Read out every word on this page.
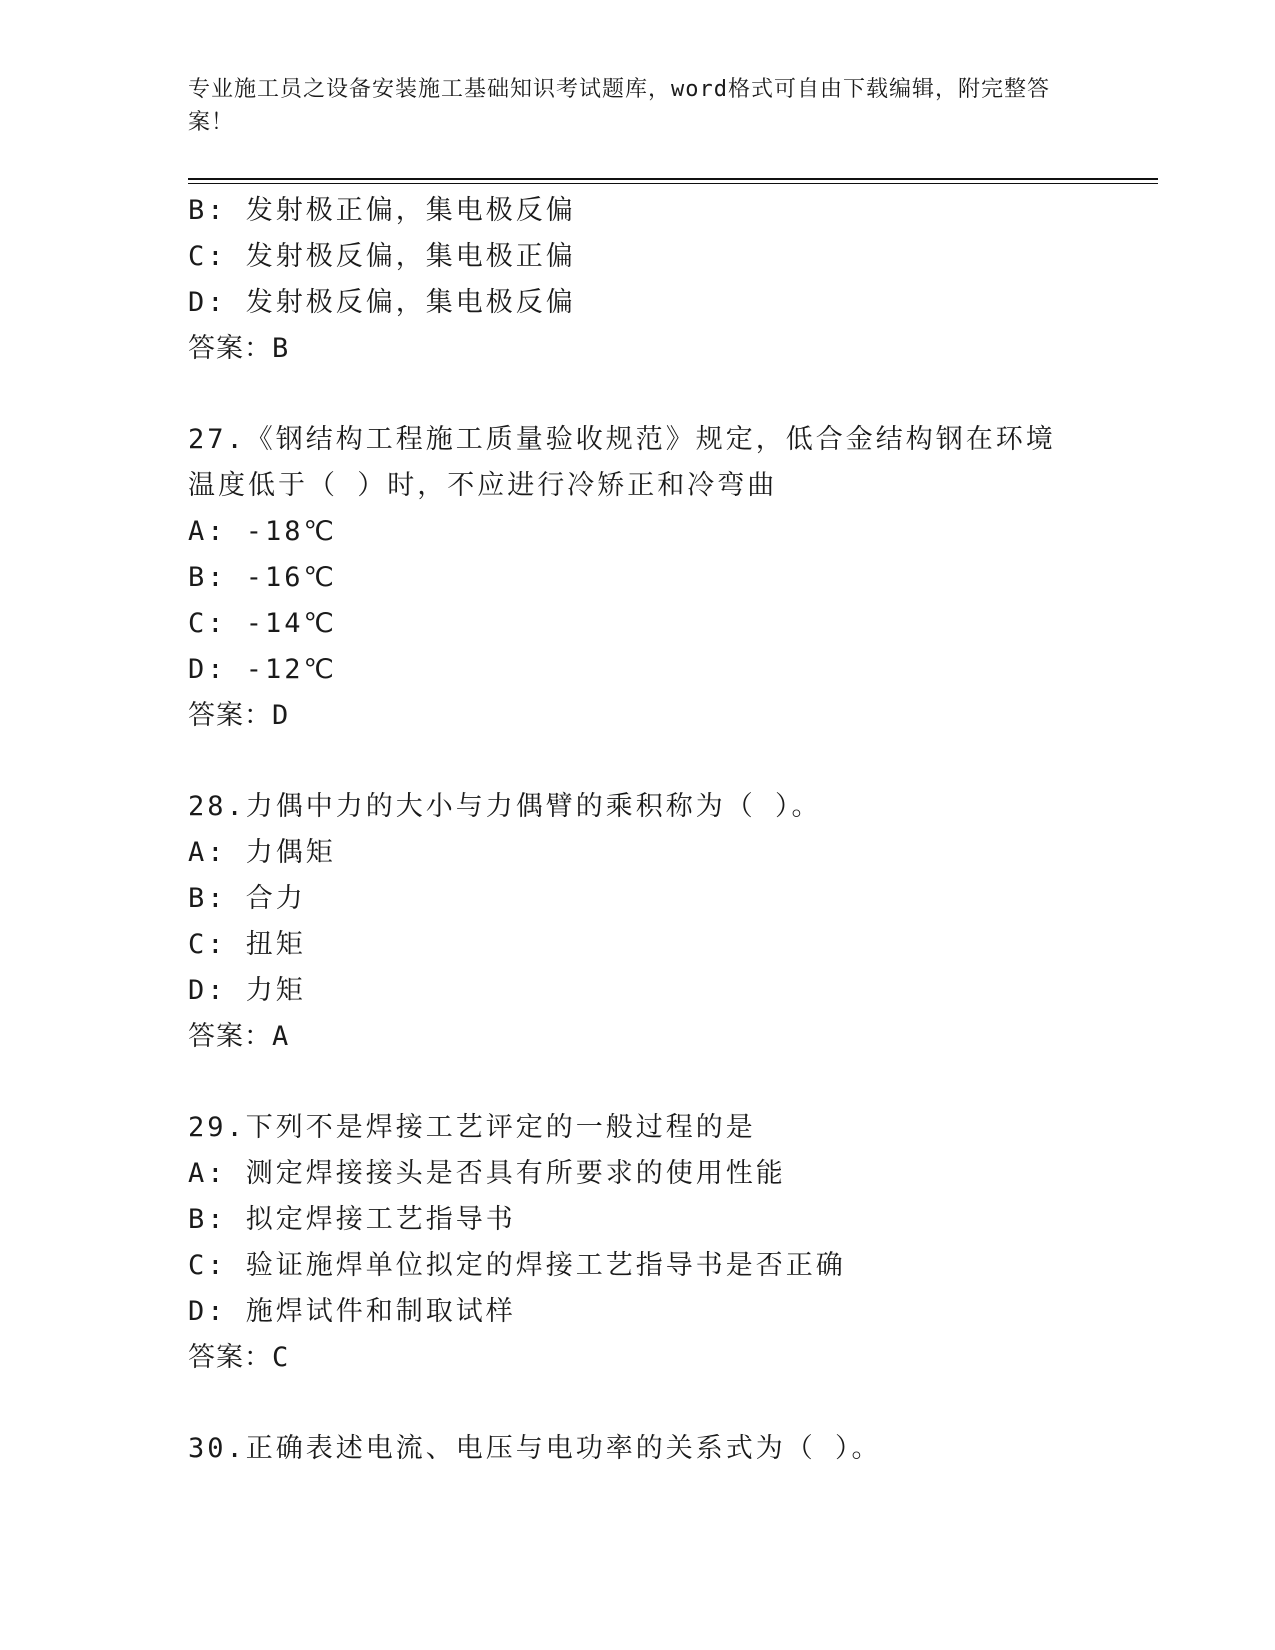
专业施工员之设备安装施工基础知识考试题库，word格式可自由下载编辑，附完整答案！
B: 发射极正偏，集电极反偏
C: 发射极反偏，集电极正偏
D: 发射极反偏，集电极反偏
答案：B
27.《钢结构工程施工质量验收规范》规定，低合金结构钢在环境温度低于（ ）时，不应进行冷矫正和冷弯曲
A: -18℃
B: -16℃
C: -14℃
D: -12℃
答案：D
28.力偶中力的大小与力偶臂的乘积称为（ ）。
A: 力偶矩
B: 合力
C: 扭矩
D: 力矩
答案：A
29.下列不是焊接工艺评定的一般过程的是
A: 测定焊接接头是否具有所要求的使用性能
B: 拟定焊接工艺指导书
C: 验证施焊单位拟定的焊接工艺指导书是否正确
D: 施焊试件和制取试样
答案：C
30.正确表述电流、电压与电功率的关系式为（ ）。
